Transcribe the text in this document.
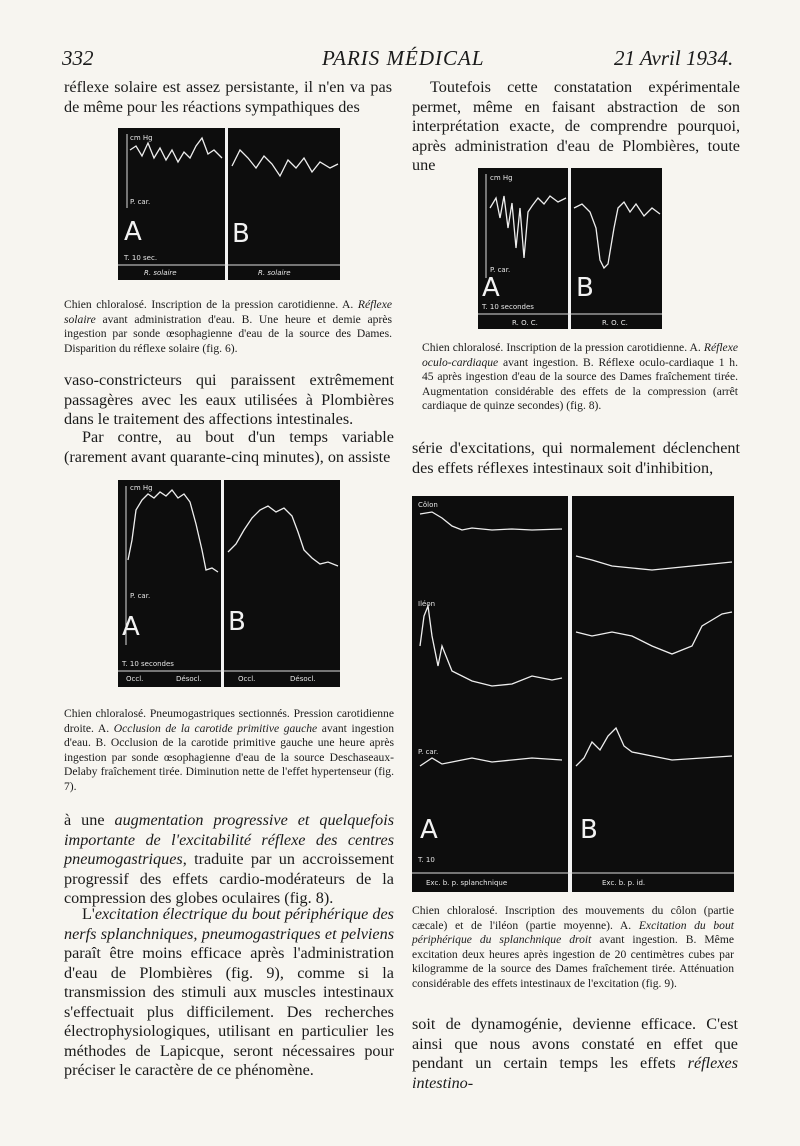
332	PARIS MÉDICAL	21 Avril 1934.

réflexe solaire est assez persistante, il n'en va pas de même pour les réactions sympathiques des

cm Hg
P. car.
A	B
T. 10 sec.
R. solaire	R. solaire
Chien chloralosé. Inscription de la pression carotidienne. A. Réflexe solaire avant administration d'eau. B. Une heure et demie après ingestion par sonde œsophagienne d'eau de la source des Dames. Disparition du réflexe solaire (fig. 6).

vaso-constricteurs qui paraissent extrêmement passagères avec les eaux utilisées à Plombières dans le traitement des affections intestinales.

Par contre, au bout d'un temps variable (rarement avant quarante-cinq minutes), on assiste

cm Hg
P. car.
A	B
T. 10 secondes
Occl.	Désocl.	Occl.	Désocl.
Chien chloralosé. Pneumogastriques sectionnés. Pression carotidienne droite. A. Occlusion de la carotide primitive gauche avant ingestion d'eau. B. Occlusion de la carotide primitive gauche une heure après ingestion par sonde œsophagienne d'eau de la source Deschaseaux-Delaby fraîchement tirée. Diminution nette de l'effet hypertenseur (fig. 7).

à une augmentation progressive et quelquefois importante de l'excitabilité réflexe des centres pneumogastriques, traduite par un accroissement progressif des effets cardio-modérateurs de la compression des globes oculaires (fig. 8).

L'excitation électrique du bout périphérique des nerfs splanchniques, pneumogastriques et pelviens paraît être moins efficace après l'administration d'eau de Plombières (fig. 9), comme si la transmission des stimuli aux muscles intestinaux s'effectuait plus difficilement. Des recherches électrophysiologiques, utilisant en particulier les méthodes de Lapicque, seront nécessaires pour préciser le caractère de ce phénomène.

Toutefois cette constatation expérimentale permet, même en faisant abstraction de son interprétation exacte, de comprendre pourquoi, après administration d'eau de Plombières, toute une

cm Hg
P. car.
A	B
T. 10 secondes
R. O. C.	R. O. C.
Chien chloralosé. Inscription de la pression carotidienne. A. Réflexe oculo-cardiaque avant ingestion. B. Réflexe oculo-cardiaque 1 h. 45 après ingestion d'eau de la source des Dames fraîchement tirée. Augmentation considérable des effets de la compression (arrêt cardiaque de quinze secondes) (fig. 8).

série d'excitations, qui normalement déclenchent des effets réflexes intestinaux soit d'inhibition,

Côlon
Iléon
P. car.
A	B
T. 10
Exc. b. p. splanchnique	Exc. b. p. id.
Chien chloralosé. Inscription des mouvements du côlon (partie cæcale) et de l'iléon (partie moyenne). A. Excitation du bout périphérique du splanchnique droit avant ingestion. B. Même excitation deux heures après ingestion de 20 centimètres cubes par kilogramme de la source des Dames fraîchement tirée. Atténuation considérable des effets intestinaux de l'excitation (fig. 9).

soit de dynamogénie, devienne efficace. C'est ainsi que nous avons constaté en effet que pendant un certain temps les effets réflexes intestino-
